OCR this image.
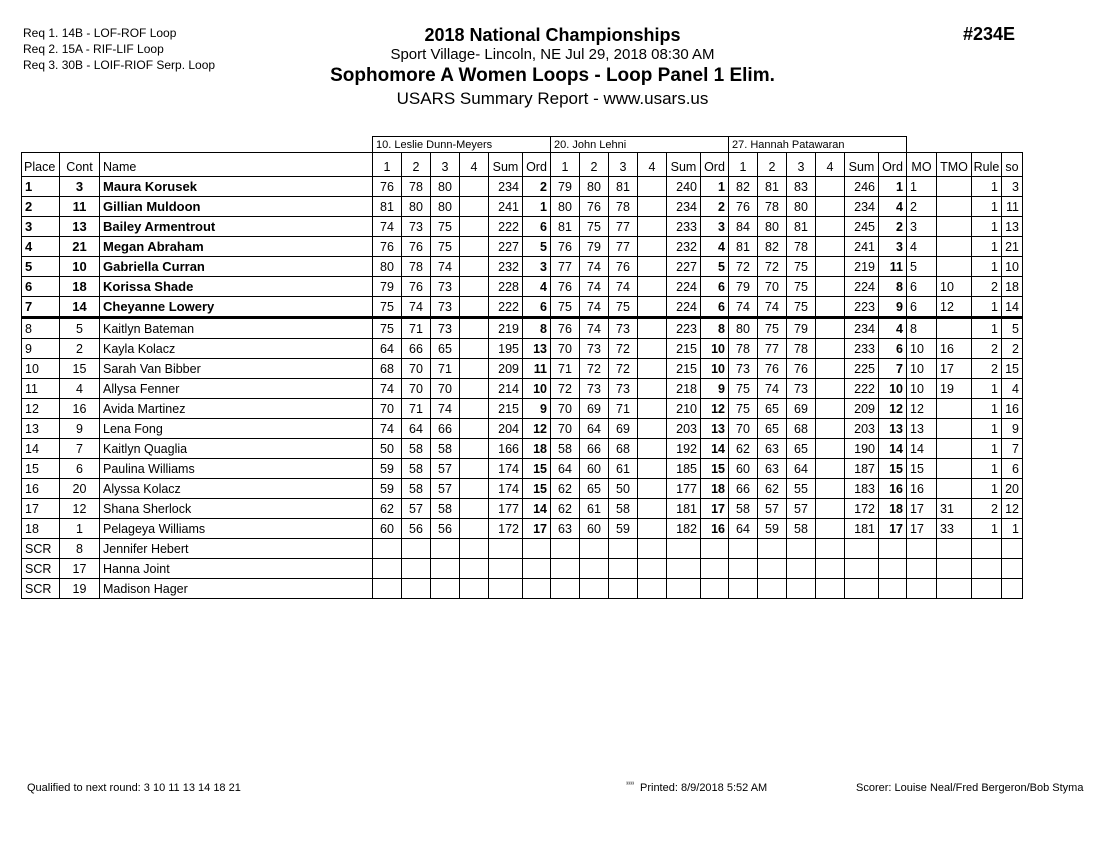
Req 1. 14B - LOF-ROF Loop
Req 2. 15A - RIF-LIF Loop
Req 3. 30B - LOIF-RIOF Serp. Loop
2018 National Championships
Sport Village- Lincoln, NE Jul 29, 2018 08:30 AM
Sophomore A Women Loops - Loop Panel 1 Elim.
USARS Summary Report - www.usars.us
#234E
			10. Leslie Dunn-Meyers						20. John Lehni						27. Hannah Patawaran									
Place	Cont	Name	1	2	3	4	Sum	Ord	1	2	3	4	Sum	Ord	1	2	3	4	Sum	Ord	MO	TMO	Rule	so
1	3	Maura Korusek	76	78	80		234	2	79	80	81		240	1	82	81	83		246	1	1		1	3
2	11	Gillian Muldoon	81	80	80		241	1	80	76	78		234	2	76	78	80		234	4	2		1	11
3	13	Bailey Armentrout	74	73	75		222	6	81	75	77		233	3	84	80	81		245	2	3		1	13
4	21	Megan Abraham	76	76	75		227	5	76	79	77		232	4	81	82	78		241	3	4		1	21
5	10	Gabriella Curran	80	78	74		232	3	77	74	76		227	5	72	72	75		219	11	5		1	10
6	18	Korissa Shade	79	76	73		228	4	76	74	74		224	6	79	70	75		224	8	6	10	2	18
7	14	Cheyanne Lowery	75	74	73		222	6	75	74	75		224	6	74	74	75		223	9	6	12	1	14
8	5	Kaitlyn Bateman	75	71	73		219	8	76	74	73		223	8	80	75	79		234	4	8		1	5
9	2	Kayla Kolacz	64	66	65		195	13	70	73	72		215	10	78	77	78		233	6	10	16	2	2
10	15	Sarah Van Bibber	68	70	71		209	11	71	72	72		215	10	73	76	76		225	7	10	17	2	15
11	4	Allysa Fenner	74	70	70		214	10	72	73	73		218	9	75	74	73		222	10	10	19	1	4
12	16	Avida Martinez	70	71	74		215	9	70	69	71		210	12	75	65	69		209	12	12		1	16
13	9	Lena Fong	74	64	66		204	12	70	64	69		203	13	70	65	68		203	13	13		1	9
14	7	Kaitlyn Quaglia	50	58	58		166	18	58	66	68		192	14	62	63	65		190	14	14		1	7
15	6	Paulina Williams	59	58	57		174	15	64	60	61		185	15	60	63	64		187	15	15		1	6
16	20	Alyssa Kolacz	59	58	57		174	15	62	65	50		177	18	66	62	55		183	16	16		1	20
17	12	Shana Sherlock	62	57	58		177	14	62	61	58		181	17	58	57	57		172	18	17	31	2	12
18	1	Pelageya Williams	60	56	56		172	17	63	60	59		182	16	64	59	58		181	17	17	33	1	1
SCR	8	Jennifer Hebert																						
SCR	17	Hanna Joint																						
SCR	19	Madison Hager																						
Qualified to next round: 3 10 11 13 14 18 21	$^{^{3333}}$ Printed: 8/9/2018 5:52 AM	Scorer: Louise Neal/Fred Bergeron/Bob Styma
